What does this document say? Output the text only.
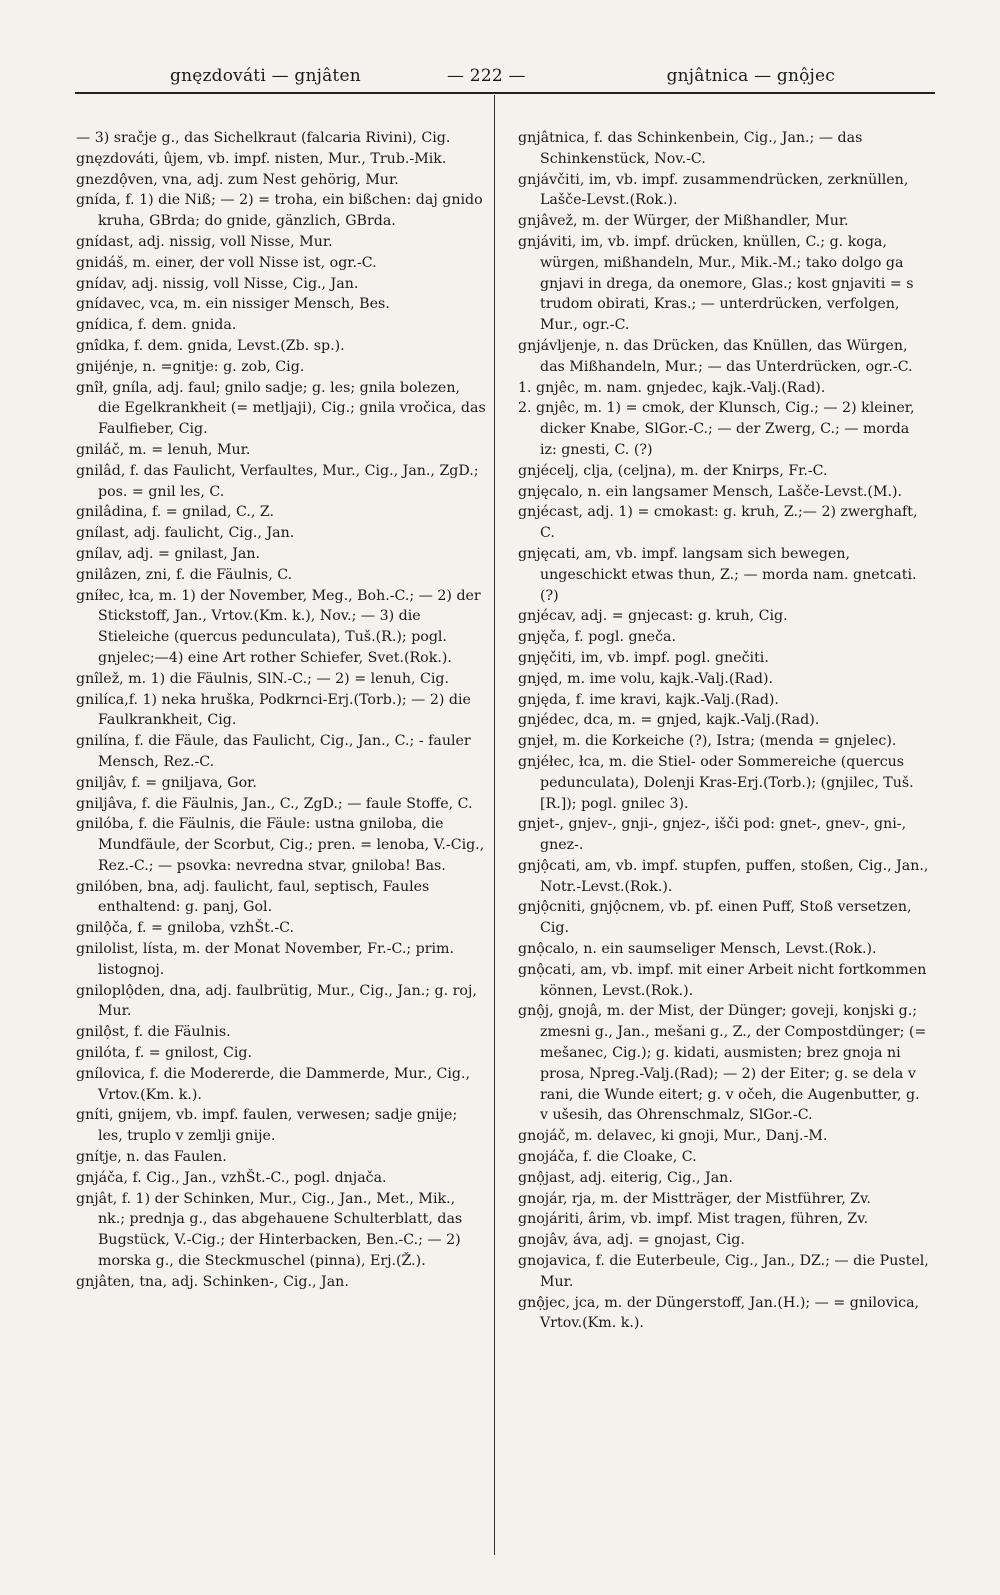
gnęzdováti — gnjâten	— 222 —	gnjâtnica — gnộjec

— 3) sračje g., das Sichelkraut (falcaria Rivini), Cig.

gnęzdováti, ûjem, vb. impf. nisten, Mur., Trub.-Mik.

gnezdộven, vna, adj. zum Nest gehörig, Mur.

gnída, f. 1) die Niß; — 2) = troha, ein bißchen: daj gnido kruha, GBrda; do gnide, gänzlich, GBrda.

gnídast, adj. nissig, voll Nisse, Mur.

gnidáš, m. einer, der voll Nisse ist, ogr.-C.

gnídav, adj. nissig, voll Nisse, Cig., Jan.

gnídavec, vca, m. ein nissiger Mensch, Bes.

gnídica, f. dem. gnida.

gnîdka, f. dem. gnida, Levst.(Zb. sp.).

gnijénje, n. =gnitje: g. zob, Cig.

gnîł, gníla, adj. faul; gnilo sadje; g. les; gnila bolezen, die Egelkrankheit (= metljaji), Cig.; gnila vročica, das Faulfieber, Cig.

gniláč, m. = lenuh, Mur.

gnilâd, f. das Faulicht, Verfaultes, Mur., Cig., Jan., ZgD.; pos. = gnil les, C.

gnilâdina, f. = gnilad, C., Z.

gnílast, adj. faulicht, Cig., Jan.

gnílav, adj. = gnilast, Jan.

gnilâzen, zni, f. die Fäulnis, C.

gníłec, łca, m. 1) der November, Meg., Boh.-C.; — 2) der Stickstoff, Jan., Vrtov.(Km. k.), Nov.; — 3) die Stieleiche (quercus pedunculata), Tuš.(R.); pogl. gnjelec;—4) eine Art rother Schiefer, Svet.(Rok.).

gnîlež, m. 1) die Fäulnis, SlN.-C.; — 2) = lenuh, Cig.

gnilíca,f. 1) neka hruška, Podkrnci-Erj.(Torb.); — 2) die Faulkrankheit, Cig.

gnilína, f. die Fäule, das Faulicht, Cig., Jan., C.; - fauler Mensch, Rez.-C.

gniljâv, f. = gniljava, Gor.

gniljâva, f. die Fäulnis, Jan., C., ZgD.; — faule Stoffe, C.

gnilóba, f. die Fäulnis, die Fäule: ustna gniloba, die Mundfäule, der Scorbut, Cig.; pren. = lenoba, V.-Cig., Rez.-C.; — psovka: nevredna stvar, gniloba! Bas.

gnilóben, bna, adj. faulicht, faul, septisch, Faules enthaltend: g. panj, Gol.

gnilộča, f. = gniloba, vzhŠt.-C.

gnilolist, lísta, m. der Monat November, Fr.-C.; prim. listognoj.

gniloplộden, dna, adj. faulbrütig, Mur., Cig., Jan.; g. roj, Mur.

gnilộst, f. die Fäulnis.

gnilóta, f. = gnilost, Cig.

gnílovica, f. die Modererde, die Dammerde, Mur., Cig., Vrtov.(Km. k.).

gníti, gnijem, vb. impf. faulen, verwesen; sadje gnije; les, truplo v zemlji gnije.

gnítje, n. das Faulen.

gnjáča, f. Cig., Jan., vzhŠt.-C., pogl. dnjača.

gnjât, f. 1) der Schinken, Mur., Cig., Jan., Met., Mik., nk.; prednja g., das abgehauene Schulterblatt, das Bugstück, V.-Cig.; der Hinterbacken, Ben.-C.; — 2) morska g., die Steckmuschel (pinna), Erj.(Ž.).

gnjâten, tna, adj. Schinken-, Cig., Jan.

gnjâtnica, f. das Schinkenbein, Cig., Jan.; — das Schinkenstück, Nov.-C.

gnjávčiti, im, vb. impf. zusammendrücken, zerknüllen, Lašče-Levst.(Rok.).

gnjâvež, m. der Würger, der Mißhandler, Mur.

gnjáviti, im, vb. impf. drücken, knüllen, C.; g. koga, würgen, mißhandeln, Mur., Mik.-M.; tako dolgo ga gnjavi in drega, da onemore, Glas.; kost gnjaviti = s trudom obirati, Kras.; — unterdrücken, verfolgen, Mur., ogr.-C.

gnjávljenje, n. das Drücken, das Knüllen, das Würgen, das Mißhandeln, Mur.; — das Unterdrücken, ogr.-C.

1. gnjêc, m. nam. gnjedec, kajk.-Valj.(Rad).

2. gnjêc, m. 1) = cmok, der Klunsch, Cig.; — 2) kleiner, dicker Knabe, SlGor.-C.; — der Zwerg, C.; — morda iz: gnesti, C. (?)

gnjécelj, clja, (celjna), m. der Knirps, Fr.-C.

gnjęcalo, n. ein langsamer Mensch, Lašče-Levst.(M.).

gnjécast, adj. 1) = cmokast: g. kruh, Z.;— 2) zwerghaft, C.

gnjęcati, am, vb. impf. langsam sich bewegen, ungeschickt etwas thun, Z.; — morda nam. gnetcati. (?)

gnjécav, adj. = gnjecast: g. kruh, Cig.

gnjęča, f. pogl. gneča.

gnjęčiti, im, vb. impf. pogl. gnečiti.

gnjęd, m. ime volu, kajk.-Valj.(Rad).

gnjęda, f. ime kravi, kajk.-Valj.(Rad).

gnjédec, dca, m. = gnjed, kajk.-Valj.(Rad).

gnjeł, m. die Korkeiche (?), Istra; (menda = gnjelec).

gnjéłec, łca, m. die Stiel- oder Sommereiche (quercus pedunculata), Dolenji Kras-Erj.(Torb.); (gnjilec, Tuš.[R.]); pogl. gnilec 3).

gnjet-, gnjev-, gnji-, gnjez-, išči pod: gnet-, gnev-, gni-, gnez-.

gnjộcati, am, vb. impf. stupfen, puffen, stoßen, Cig., Jan., Notr.-Levst.(Rok.).

gnjộcniti, gnjộcnem, vb. pf. einen Puff, Stoß versetzen, Cig.

gnộcalo, n. ein saumseliger Mensch, Levst.(Rok.).

gnộcati, am, vb. impf. mit einer Arbeit nicht fortkommen können, Levst.(Rok.).

gnộj, gnojâ, m. der Mist, der Dünger; goveji, konjski g.; zmesni g., Jan., mešani g., Z., der Compostdünger; (= mešanec, Cig.); g. kidati, ausmisten; brez gnoja ni prosa, Npreg.-Valj.(Rad); — 2) der Eiter; g. se dela v rani, die Wunde eitert; g. v očeh, die Augenbutter, g. v ušesih, das Ohrenschmalz, SlGor.-C.

gnojáč, m. delavec, ki gnoji, Mur., Danj.-M.

gnojáča, f. die Cloake, C.

gnộjast, adj. eiterig, Cig., Jan.

gnojár, rja, m. der Mistträger, der Mistführer, Zv.

gnojáriti, ârim, vb. impf. Mist tragen, führen, Zv.

gnojâv, áva, adj. = gnojast, Cig.

gnojavica, f. die Euterbeule, Cig., Jan., DZ.; — die Pustel, Mur.

gnộjec, jca, m. der Düngerstoff, Jan.(H.); — = gnilovica, Vrtov.(Km. k.).
